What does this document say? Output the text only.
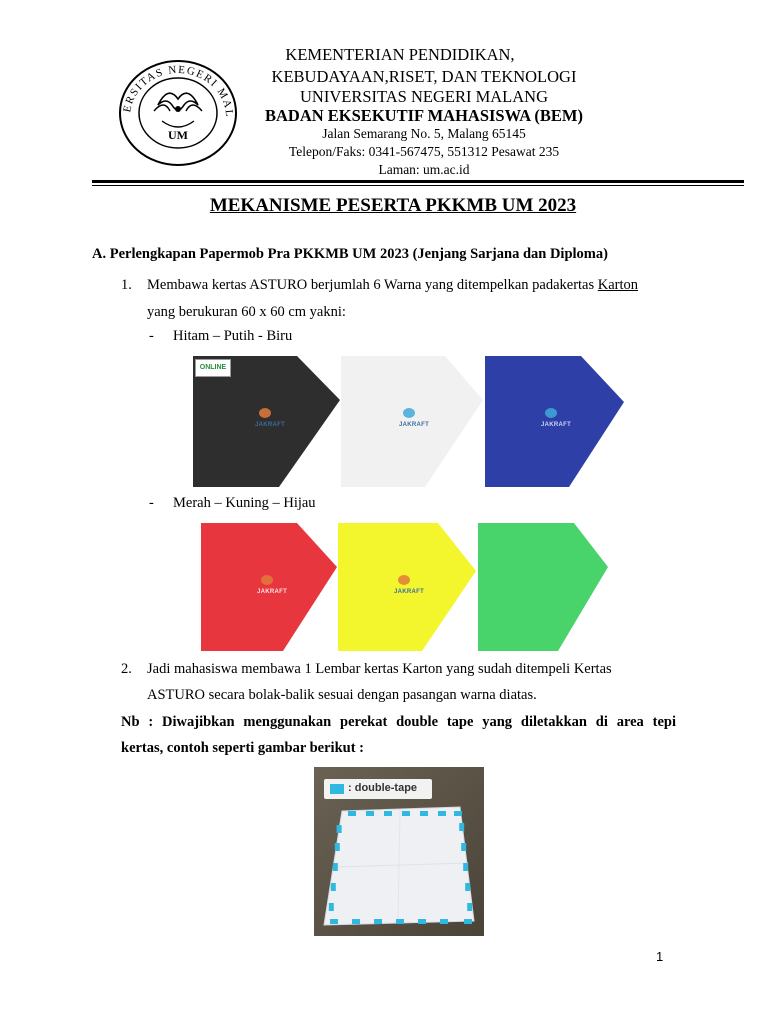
ERSITAS NEGERI MAL
UM
KEMENTERIAN PENDIDIKAN,
KEBUDAYAAN,RISET, DAN TEKNOLOGI
UNIVERSITAS NEGERI MALANG
BADAN EKSEKUTIF MAHASISWA (BEM)
Jalan Semarang No. 5, Malang 65145
Telepon/Faks: 0341-567475, 551312 Pesawat 235
Laman: um.ac.id
MEKANISME PESERTA PKKMB UM 2023
A. Perlengkapan Papermob Pra PKKMB UM 2023 (Jenjang Sarjana dan Diploma)
1. Membawa kertas ASTURO berjumlah 6 Warna yang ditempelkan padakertas Karton
yang berukuran 60 x 60 cm yakni:
- Hitam – Putih - Biru
ONLINE
JAKRAFT	JAKRAFT	JAKRAFT
- Merah – Kuning – Hijau
JAKRAFT	JAKRAFT
2. Jadi mahasiswa membawa 1 Lembar kertas Karton yang sudah ditempeli Kertas
ASTURO secara bolak-balik sesuai dengan pasangan warna diatas.
Nb : Diwajibkan menggunakan perekat double tape yang diletakkan di area tepi
kertas, contoh seperti gambar berikut :
: double-tape
1
